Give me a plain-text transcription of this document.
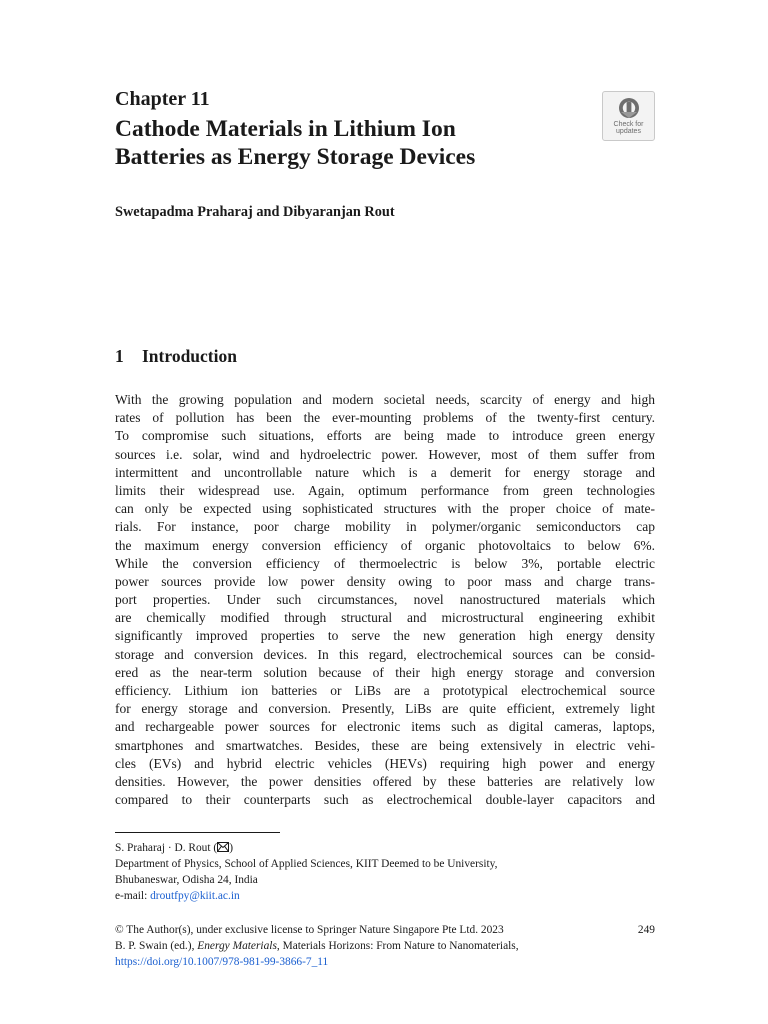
Chapter 11
Cathode Materials in Lithium Ion
Batteries as Energy Storage Devices
Check for
updates
Swetapadma Praharaj and Dibyaranjan Rout
1 Introduction
With the growing population and modern societal needs, scarcity of energy and high
rates of pollution has been the ever-mounting problems of the twenty-first century.
To compromise such situations, efforts are being made to introduce green energy
sources i.e. solar, wind and hydroelectric power. However, most of them suffer from
intermittent and uncontrollable nature which is a demerit for energy storage and
limits their widespread use. Again, optimum performance from green technologies
can only be expected using sophisticated structures with the proper choice of mate-
rials. For instance, poor charge mobility in polymer/organic semiconductors cap
the maximum energy conversion efficiency of organic photovoltaics to below 6%.
While the conversion efficiency of thermoelectric is below 3%, portable electric
power sources provide low power density owing to poor mass and charge trans-
port properties. Under such circumstances, novel nanostructured materials which
are chemically modified through structural and microstructural engineering exhibit
significantly improved properties to serve the new generation high energy density
storage and conversion devices. In this regard, electrochemical sources can be consid-
ered as the near-term solution because of their high energy storage and conversion
efficiency. Lithium ion batteries or LiBs are a prototypical electrochemical source
for energy storage and conversion. Presently, LiBs are quite efficient, extremely light
and rechargeable power sources for electronic items such as digital cameras, laptops,
smartphones and smartwatches. Besides, these are being extensively in electric vehi-
cles (EVs) and hybrid electric vehicles (HEVs) requiring high power and energy
densities. However, the power densities offered by these batteries are relatively low
compared to their counterparts such as electrochemical double-layer capacitors and
S. Praharaj · D. Rout ( )
Department of Physics, School of Applied Sciences, KIIT Deemed to be University,
Bhubaneswar, Odisha 24, India
e-mail: droutfpy@kiit.ac.in
© The Author(s), under exclusive license to Springer Nature Singapore Pte Ltd. 2023	249
B. P. Swain (ed.), Energy Materials, Materials Horizons: From Nature to Nanomaterials,
https://doi.org/10.1007/978-981-99-3866-7_11
